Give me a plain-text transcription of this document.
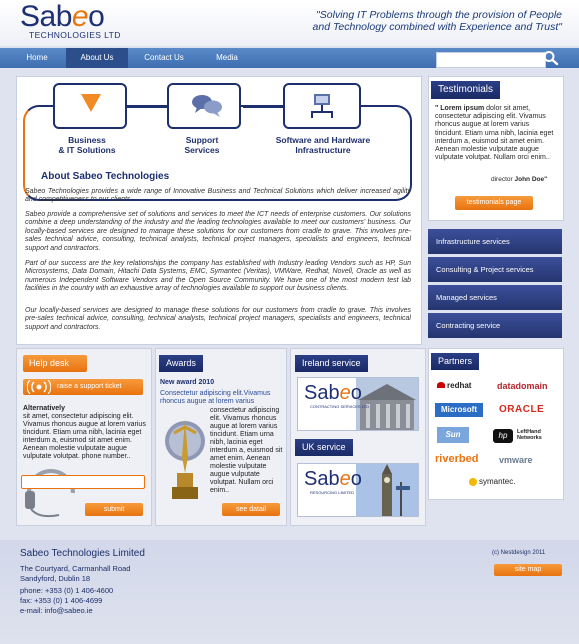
Sabeo
TECHNOLOGIES LTD
"Solving IT Problems through the provision of People
and Technology combined with Experience and Trust"
Home	About Us	Contact Us	Media
Business
& IT Solutions
Support
Services
Software and Hardware
Infrastructure
About Sabeo Technologies
Sabeo Technologies provides a wide range of Innovative Business and Technical Solutions which deliver increased agility and competitiveness to our clients.
Sabeo provide a comprehensive set of solutions and services to meet the ICT needs of enterprise customers. Our solutions combine a deep understanding of the industry and the leading technologies available to meet our customers' business. Our locally-based services are designed to manage these solutions for our customers from cradle to grave. This involves pre-sales technical advice, consulting, technical analysts, technical project managers, specialists and engineers, technical support and contractors.
Part of our success are the key relationships the company has established with Industry leading Vendors such as HP, Sun Microsystems, Data Domain, Hitachi Data Systems, EMC, Symantec (Veritas), VMWare, Redhat, Novell, Oracle as well as numerous Independent Software Vendors and the Open Source Community. We have one of the most modern test lab facilities in the country with an exhaustive array of technologies available to support our business clients.
Our locally-based services are designed to manage these solutions for our customers from cradle to grave. This involves pre-sales technical advice, consulting, technical analysts, technical project managers, specialists and engineers, technical support and contractors.
Testimonials
" Lorem ipsum dolor sit amet, consectetur adipiscing elit. Vivamus rhoncus augue at lorem varius tincidunt. Etiam urna nibh, lacinia eget interdum a, euismod sit amet enim. Aenean molestie vulputate augue vulputate volutpat. Nullam orci enim..
director John Doe"
testimonials page
Infrastructure services
Consulting & Project services
Managed services
Contracting service
Help desk
raise a support ticket
Alternatively
sit amet, consectetur adipiscing elit. Vivamus rhoncus augue at lorem varius tincidunt. Etiam urna nibh, lacinia eget interdum a, euismod sit amet enim. Aenean molestie vulputate augue vulputate volutpat. phone number..
submit
Awards
New award 2010
Consectetur adipiscing elit.Vivamus rhoncus augue at lorem varius
consectetur adipiscing elit. Vivamus rhoncus augue at lorem varius tincidunt. Etiam urna nibh, lacinia eget interdum a, euismod sit amet enim. Aenean molestie vulputate augue vulputate volutpat. Nullam orci enim..
see datail
Ireland service
Sabeo
CONTRACTING SERVICES LTD
UK service
Sabeo
RESOURCING LIMITED
Partners
redhat	datadomain
Microsoft	ORACLE
Sun	hp	LeftHand Networks
riverbed vmware
symantec.
Sabeo Technologies Limited
The Courtyard, Carmanhall Road
Sandyford, Dublin 18
phone: +353 (0) 1 406-4600
fax: +353 (0) 1 406-4699
e-mail: info@sabeo.ie
(c) Nestdesign 2011
site map
